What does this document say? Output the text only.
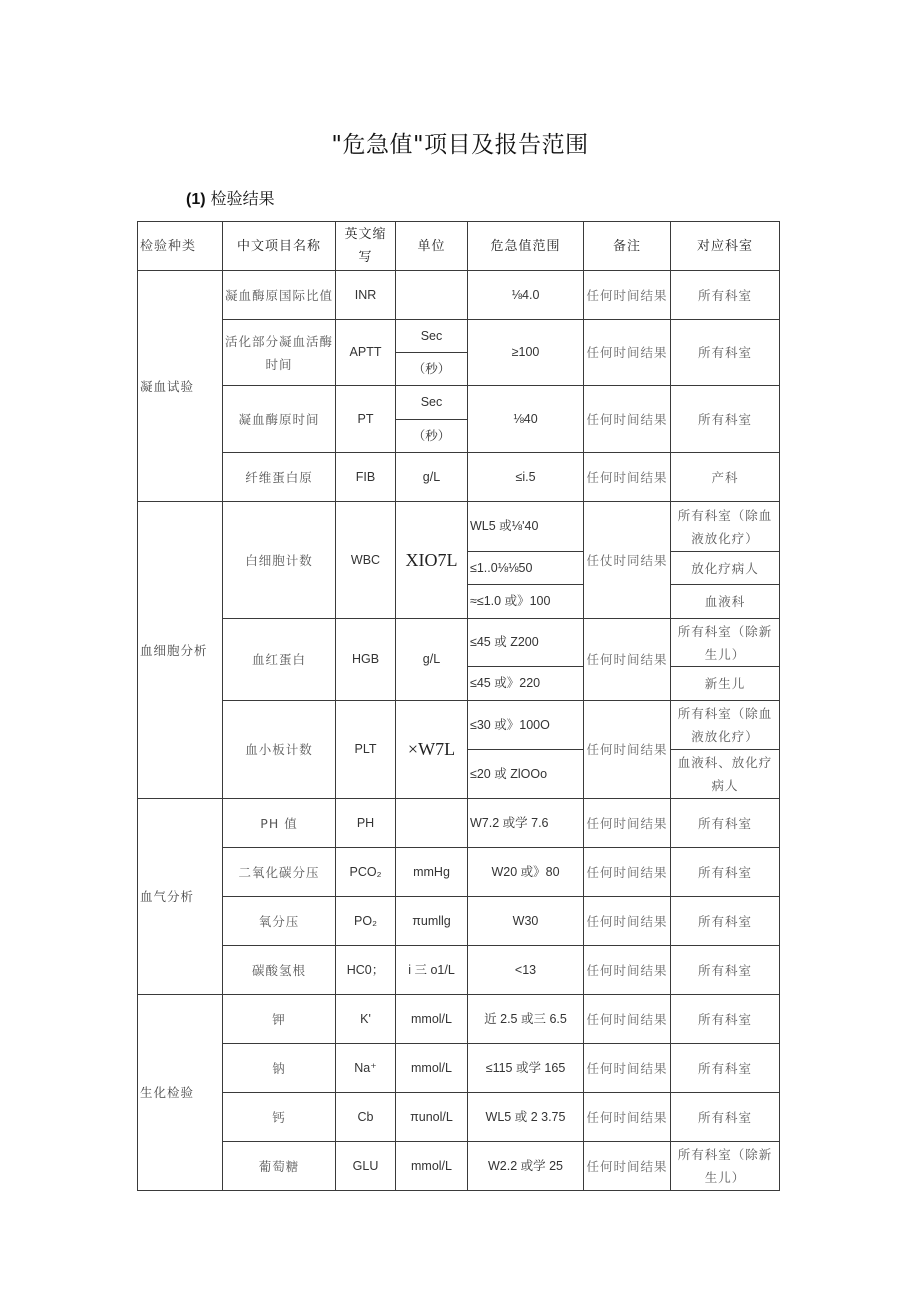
"危急值"项目及报告范围
(1) 检验结果
检验种类	中文项目名称	英文缩写	单位	危急值范围	备注	对应科室
凝血试验	凝血酶原国际比值	INR		⅛4.0	任何时间结果	所有科室
	活化部分凝血活酶时间	APTT	Sec	≥100	任何时间结果	所有科室
			（秒）			
	凝血酶原时间	PT	Sec	⅛40	任何时间结果	所有科室
			（秒）			
	纤维蛋白原	FIB	g/L	≤i.5	任何时间结果	产科
血细胞分析	白细胞计数	WBC	XIO7L	WL5 或⅛'40	任仗时同结果	所有科室（除血液放化疗）
				≤1..0⅛⅛50		放化疗病人
				≈≤1.0 或》100		血液科
	血红蛋白	HGB	g/L	≤45 或 Z200	任何时间结果	所有科室（除新生儿）
				≤45 或》220		新生儿
	血小板计数	PLT	×W7L	≤30 或》100O	任何时间结果	所有科室（除血液放化疗）
				≤20 或 ZlOOo		血液科、放化疗病人
血气分析	PH 值	PH		W7.2 或学 7.6	任何时间结果	所有科室
	二氧化碳分压	PCO₂	mmHg	W20 或》80	任何时间结果	所有科室
	氧分压	PO₂	πumllg	W30	任何时间结果	所有科室
	碳酸氢根	HC0；	i 三 o1/L	<13	任何时间结果	所有科室
生化检验	钾	K'	mmol/L	近 2.5 或三 6.5	任何时间结果	所有科室
	钠	Na⁺	mmol/L	≤115 或学 165	任何时间结果	所有科室
	钙	Cb	πunol/L	WL5 或 2 3.75	任何时间结果	所有科室
	葡萄糖	GLU	mmol/L	W2.2 或学 25	任何时间结果	所有科室（除新生儿）
